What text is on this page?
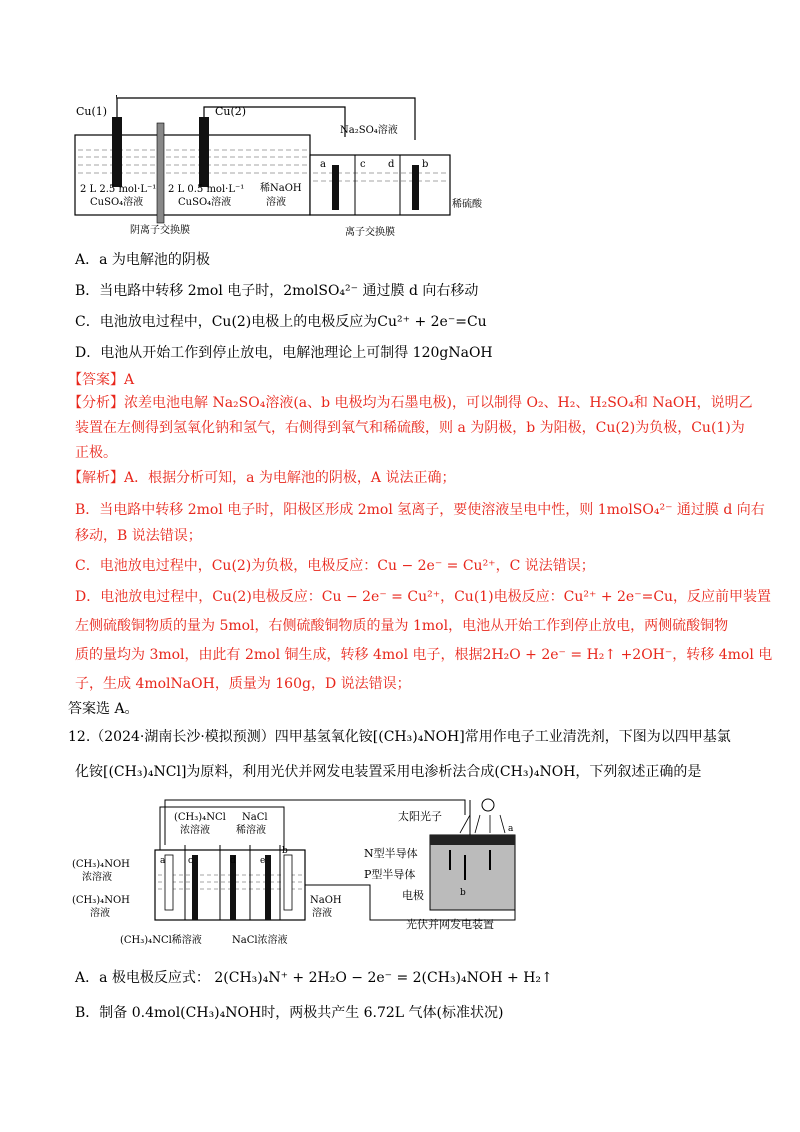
Cu(1)	Cu(2)
2 L 2.5 mol·L⁻¹
CuSO₄溶液
2 L 0.5 mol·L⁻¹
CuSO₄溶液
阴离子交换膜
Na₂SO₄溶液
a	c d	b
稀NaOH
溶液	稀硫酸
离子交换膜
A．a 为电解池的阴极
B．当电路中转移 2mol 电子时，2molSO₄²⁻ 通过膜 d 向右移动
C．电池放电过程中，Cu(2)电极上的电极反应为Cu²⁺ + 2e⁻=Cu
D．电池从开始工作到停止放电，电解池理论上可制得 120gNaOH
【答案】A
【分析】浓差电池电解 Na₂SO₄溶液(a、b 电极均为石墨电极)，可以制得 O₂、H₂、H₂SO₄和 NaOH，说明乙
装置在左侧得到氢氧化钠和氢气，右侧得到氧气和稀硫酸，则 a 为阴极，b 为阳极，Cu(2)为负极，Cu(1)为
正极。
【解析】A．根据分析可知，a 为电解池的阴极，A 说法正确；
B．当电路中转移 2mol 电子时，阳极区形成 2mol 氢离子，要使溶液呈电中性，则 1molSO₄²⁻ 通过膜 d 向右
移动，B 说法错误；
C．电池放电过程中，Cu(2)为负极，电极反应：Cu − 2e⁻ = Cu²⁺，C 说法错误；
D．电池放电过程中，Cu(2)电极反应：Cu − 2e⁻ = Cu²⁺，Cu(1)电极反应：Cu²⁺ + 2e⁻=Cu，反应前甲装置
左侧硫酸铜物质的量为 5mol，右侧硫酸铜物质的量为 1mol，电池从开始工作到停止放电，两侧硫酸铜物
质的量均为 3mol，由此有 2mol 铜生成，转移 4mol 电子，根据2H₂O + 2e⁻ = H₂↑ +2OH⁻，转移 4mol 电
子，生成 4molNaOH，质量为 160g，D 说法错误；
答案选 A。
12.（2024·湖南长沙·模拟预测）四甲基氢氧化铵[(CH₃)₄NOH]常用作电子工业清洗剂，下图为以四甲基氯
化铵[(CH₃)₄NCl]为原料，利用光伏并网发电装置采用电渗析法合成(CH₃)₄NOH，下列叙述正确的是
a	c	d	e
b
(CH₃)₄NCl
浓溶液
NaCl
稀溶液
(CH₃)₄NOH
浓溶液
(CH₃)₄NOH
溶液
NaOH
溶液
(CH₃)₄NCl稀溶液	NaCl浓溶液
太阳光子
a
N型半导体
P型半导体
电极	b
光伏并网发电装置
A．a 极电极反应式： 2(CH₃)₄N⁺ + 2H₂O − 2e⁻ = 2(CH₃)₄NOH + H₂↑
B．制备 0.4mol(CH₃)₄NOH时，两极共产生 6.72L 气体(标准状况)
